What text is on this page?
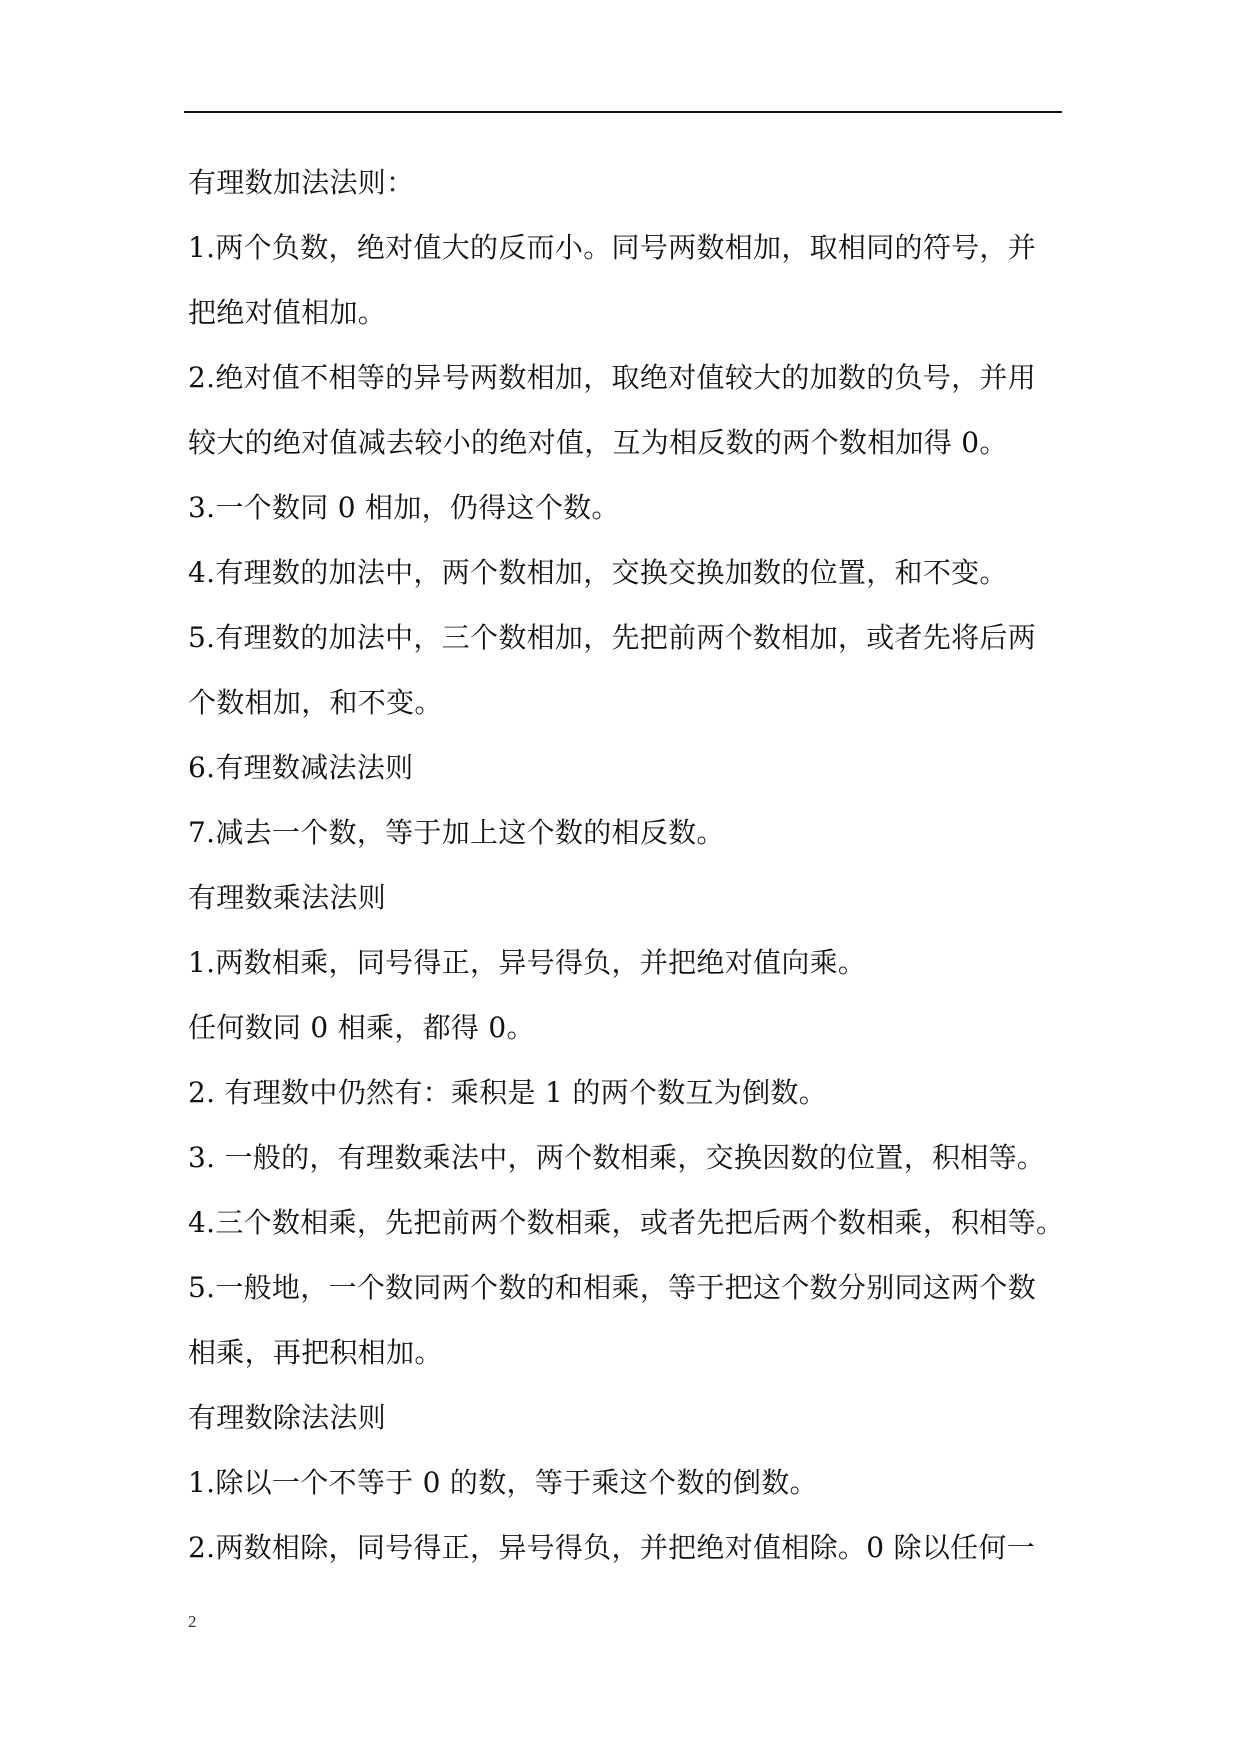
有理数加法法则：
1.两个负数，绝对值大的反而小。同号两数相加，取相同的符号，并
把绝对值相加。
2.绝对值不相等的异号两数相加，取绝对值较大的加数的负号，并用
较大的绝对值减去较小的绝对值，互为相反数的两个数相加得 0。
3.一个数同 0 相加，仍得这个数。
4.有理数的加法中，两个数相加，交换交换加数的位置，和不变。
5.有理数的加法中，三个数相加，先把前两个数相加，或者先将后两
个数相加，和不变。
6.有理数减法法则
7.减去一个数，等于加上这个数的相反数。
有理数乘法法则
1.两数相乘，同号得正，异号得负，并把绝对值向乘。
任何数同 0 相乘，都得 0。
2. 有理数中仍然有：乘积是 1 的两个数互为倒数。
3. 一般的，有理数乘法中，两个数相乘，交换因数的位置，积相等。
4.三个数相乘，先把前两个数相乘，或者先把后两个数相乘，积相等。
5.一般地，一个数同两个数的和相乘，等于把这个数分别同这两个数
相乘，再把积相加。
有理数除法法则
1.除以一个不等于 0 的数，等于乘这个数的倒数。
2.两数相除，同号得正，异号得负，并把绝对值相除。0 除以任何一
2
